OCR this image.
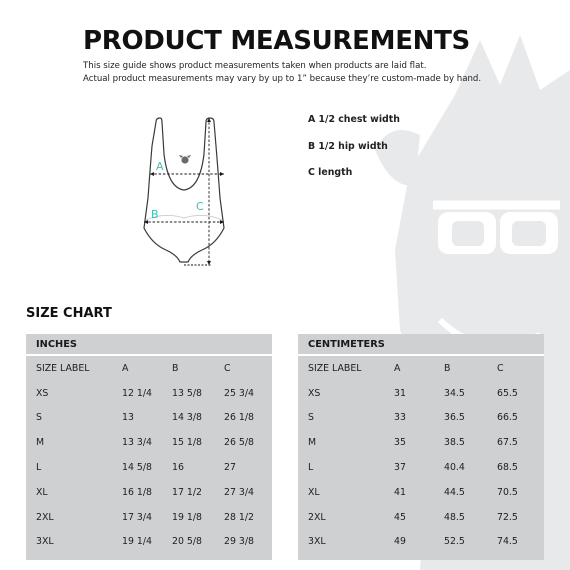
PRODUCT MEASUREMENTS
This size guide shows product measurements taken when products are laid flat.
Actual product measurements may vary by up to 1” because they’re custom-made by hand.
A
B
C
A 1/2 chest width
B 1/2 hip width
C length
SIZE CHART
INCHES
SIZE LABEL	A	B	C
XS	12 1/4	13 5/8	25 3/4
S	13	14 3/8	26 1/8
M	13 3/4	15 1/8	26 5/8
L	14 5/8	16	27
XL	16 1/8	17 1/2	27 3/4
2XL	17 3/4	19 1/8	28 1/2
3XL	19 1/4	20 5/8	29 3/8
CENTIMETERS
SIZE LABEL	A	B	C
XS	31	34.5	65.5
S	33	36.5	66.5
M	35	38.5	67.5
L	37	40.4	68.5
XL	41	44.5	70.5
2XL	45	48.5	72.5
3XL	49	52.5	74.5
